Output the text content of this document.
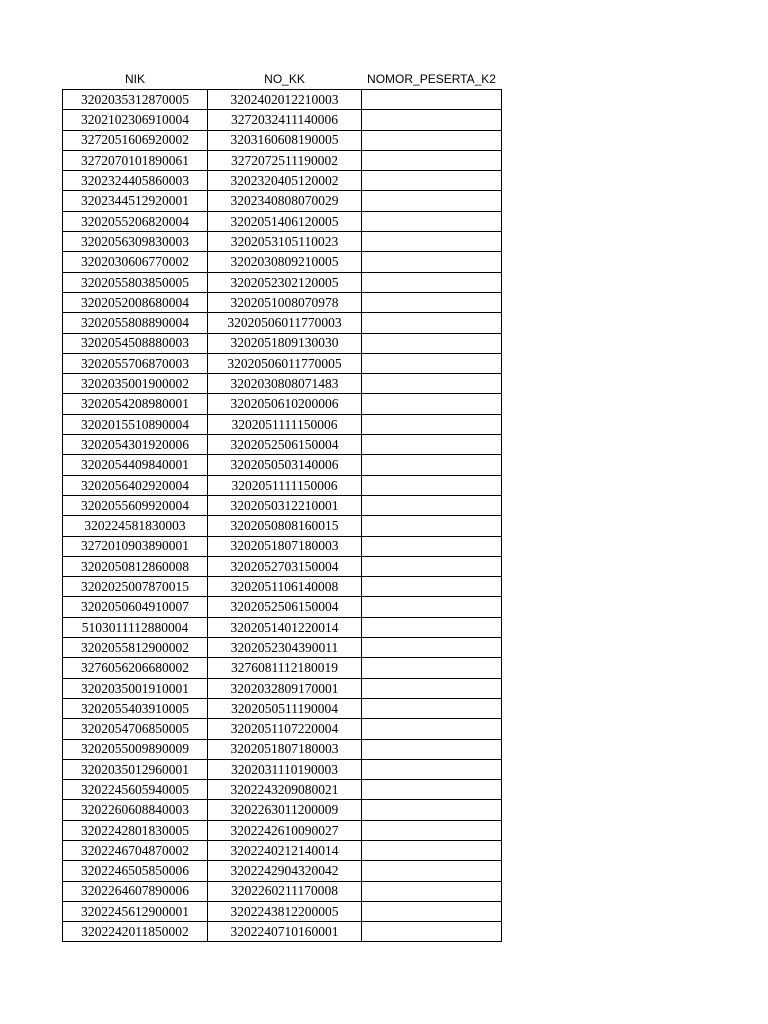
NIK	NO_KK	NOMOR_PESERTA_K2
3202035312870005	3202402012210003	
3202102306910004	3272032411140006	
3272051606920002	3203160608190005	
3272070101890061	3272072511190002	
3202324405860003	3202320405120002	
3202344512920001	3202340808070029	
3202055206820004	3202051406120005	
3202056309830003	3202053105110023	
3202030606770002	3202030809210005	
3202055803850005	3202052302120005	
3202052008680004	3202051008070978	
3202055808890004	32020506011770003	
3202054508880003	3202051809130030	
3202055706870003	32020506011770005	
3202035001900002	3202030808071483	
3202054208980001	3202050610200006	
3202015510890004	3202051111150006	
3202054301920006	3202052506150004	
3202054409840001	3202050503140006	
3202056402920004	3202051111150006	
3202055609920004	3202050312210001	
320224581830003	3202050808160015	
3272010903890001	3202051807180003	
3202050812860008	3202052703150004	
3202025007870015	3202051106140008	
3202050604910007	3202052506150004	
5103011112880004	3202051401220014	
3202055812900002	3202052304390011	
3276056206680002	3276081112180019	
3202035001910001	3202032809170001	
3202055403910005	3202050511190004	
3202054706850005	3202051107220004	
3202055009890009	3202051807180003	
3202035012960001	3202031110190003	
3202245605940005	3202243209080021	
3202260608840003	3202263011200009	
3202242801830005	3202242610090027	
3202246704870002	3202240212140014	
3202246505850006	3202242904320042	
3202264607890006	3202260211170008	
3202245612900001	3202243812200005	
3202242011850002	3202240710160001	
